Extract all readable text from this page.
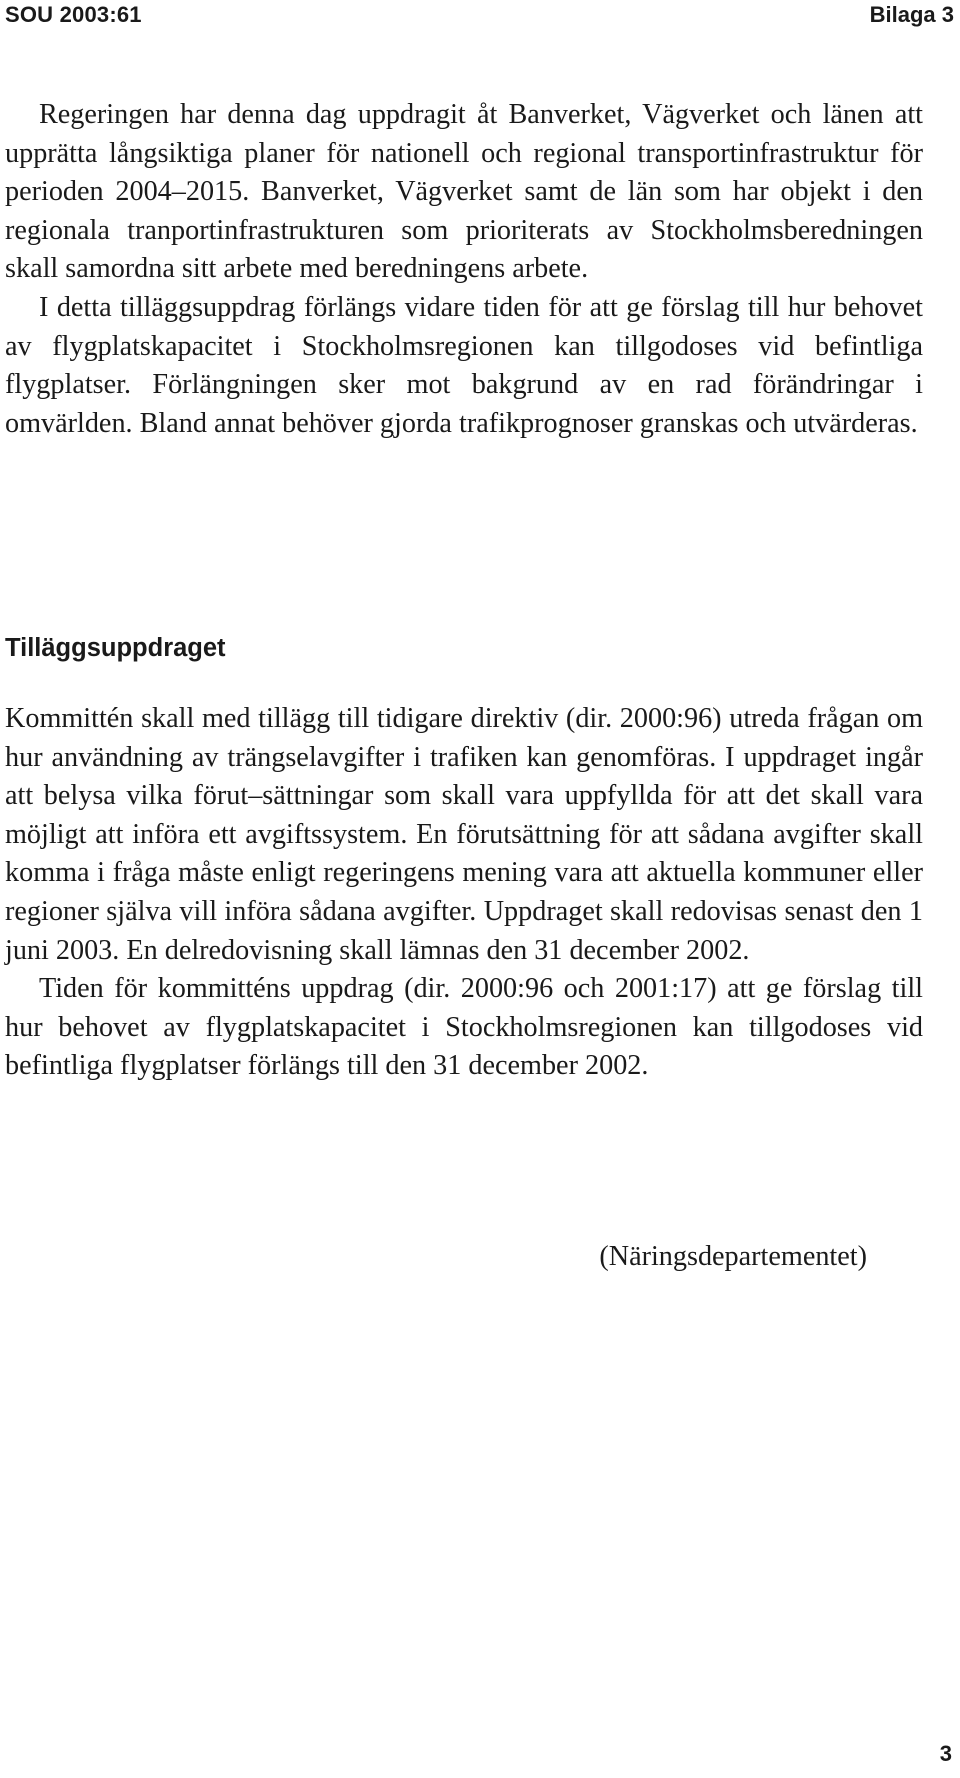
SOU 2003:61	Bilaga 3

Regeringen har denna dag uppdragit åt Banverket, Vägverket och länen att upprätta långsiktiga planer för nationell och regional transportinfrastruktur för perioden 2004–2015. Banverket, Vägverket samt de län som har objekt i den regionala tranportinfrastrukturen som prioriterats av Stockholmsberedningen skall samordna sitt arbete med beredningens arbete.

I detta tilläggsuppdrag förlängs vidare tiden för att ge förslag till hur behovet av flygplatskapacitet i Stockholmsregionen kan tillgodoses vid befintliga flygplatser. Förlängningen sker mot bakgrund av en rad förändringar i omvärlden. Bland annat behöver gjorda trafikprognoser granskas och utvärderas.

Tilläggsuppdraget

Kommittén skall med tillägg till tidigare direktiv (dir. 2000:96) utreda frågan om hur användning av trängselavgifter i trafiken kan genomföras. I uppdraget ingår att belysa vilka förut–sättningar som skall vara uppfyllda för att det skall vara möjligt att införa ett avgiftssystem. En förutsättning för att sådana avgifter skall komma i fråga måste enligt regeringens mening vara att aktuella kommuner eller regioner själva vill införa sådana avgifter. Uppdraget skall redovisas senast den 1 juni 2003. En delredovisning skall lämnas den 31 december 2002.

Tiden för kommitténs uppdrag (dir. 2000:96 och 2001:17) att ge förslag till hur behovet av flygplatskapacitet i Stockholmsregionen kan tillgodoses vid befintliga flygplatser förlängs till den 31 december 2002.

(Näringsdepartementet)
3
